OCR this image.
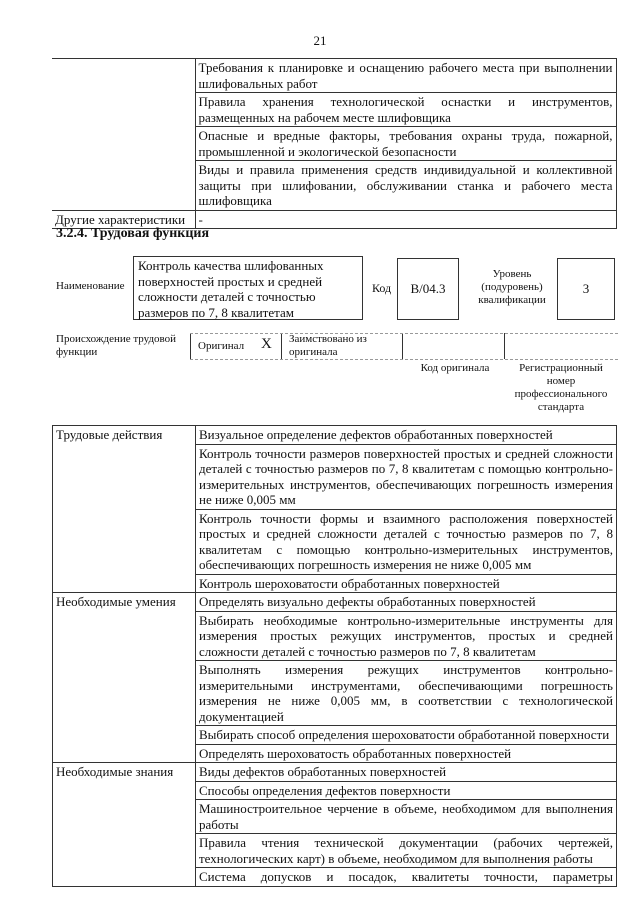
21
	Требования к планировке и оснащению рабочего места при выполнении шлифовальных работ
	Правила хранения технологической оснастки и инструментов, размещенных на рабочем месте шлифовщика
	Опасные и вредные факторы, требования охраны труда, пожарной, промышленной и экологической безопасности
	Виды и правила применения средств индивидуальной и коллективной защиты при шлифовании, обслуживании станка и рабочего места шлифовщика
Другие характеристики	-
3.2.4. Трудовая функция
Наименование
Контроль качества шлифованных поверхностей простых и средней сложности деталей с точностью размеров по 7, 8 квалитетам
Код	В/04.3
Уровень (подуровень) квалификации
3
Происхождение трудовой функции	Оригинал X Заимствовано из оригинала
Код оригинала	Регистрационный номер профессионального стандарта
Трудовые действия	Визуальное определение дефектов обработанных поверхностей
	Контроль точности размеров поверхностей простых и средней сложности деталей с точностью размеров по 7, 8 квалитетам с помощью контрольно-измерительных инструментов, обеспечивающих погрешность измерения не ниже 0,005 мм
	Контроль точности формы и взаимного расположения поверхностей простых и средней сложности деталей с точностью размеров по 7, 8 квалитетам с помощью контрольно-измерительных инструментов, обеспечивающих погрешность измерения не ниже 0,005 мм
	Контроль шероховатости обработанных поверхностей
Необходимые умения	Определять визуально дефекты обработанных поверхностей
	Выбирать необходимые контрольно-измерительные инструменты для измерения простых режущих инструментов, простых и средней сложности деталей с точностью размеров по 7, 8 квалитетам
	Выполнять измерения режущих инструментов контрольно-измерительными инструментами, обеспечивающими погрешность измерения не ниже 0,005 мм, в соответствии с технологической документацией
	Выбирать способ определения шероховатости обработанной поверхности
	Определять шероховатость обработанных поверхностей
Необходимые знания	Виды дефектов обработанных поверхностей
	Способы определения дефектов поверхности
	Машиностроительное черчение в объеме, необходимом для выполнения работы
	Правила чтения технической документации (рабочих чертежей, технологических карт) в объеме, необходимом для выполнения работы
	Система допусков и посадок, квалитеты точности, параметры
